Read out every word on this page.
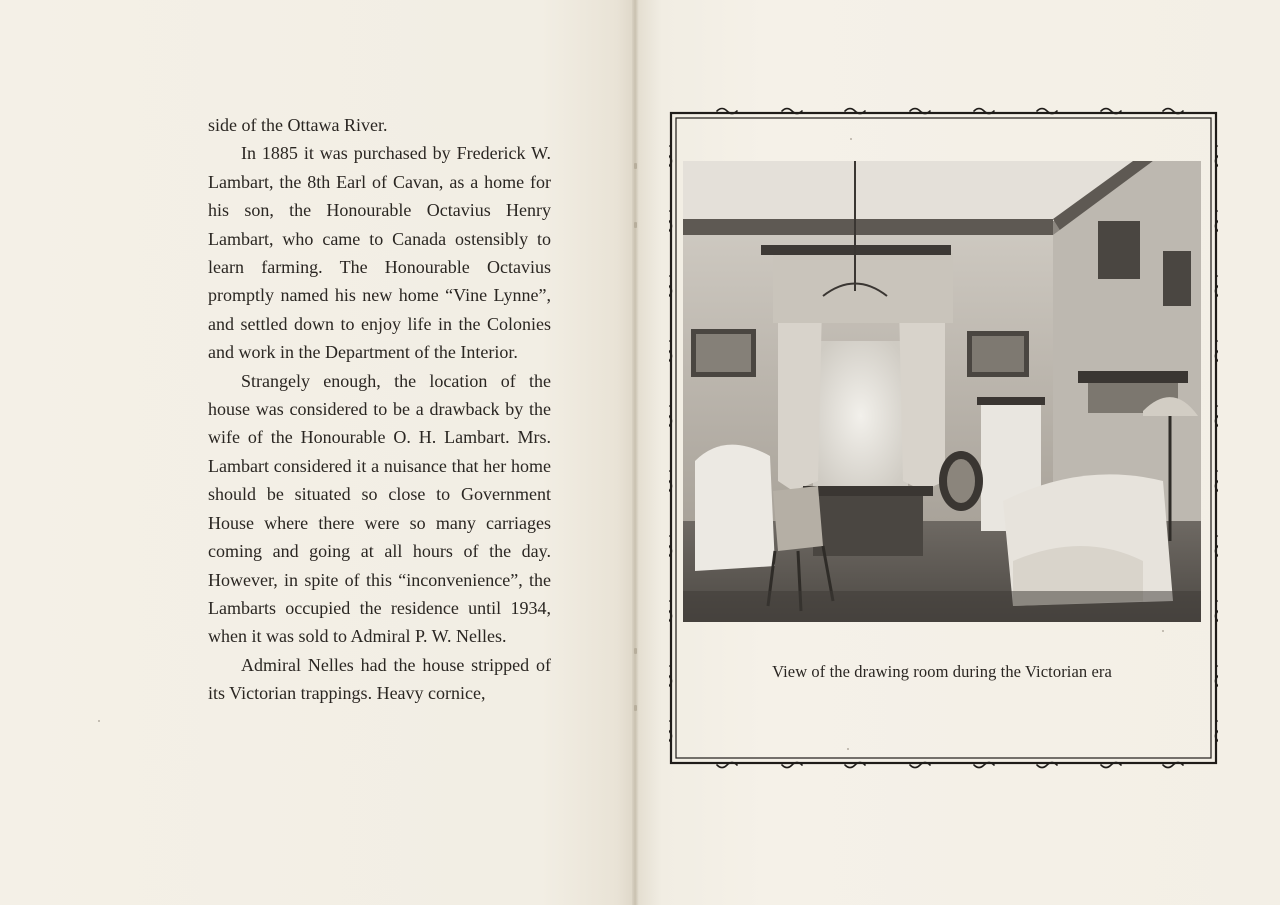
side of the Ottawa River.

In 1885 it was purchased by Frederick W. Lambart, the 8th Earl of Cavan, as a home for his son, the Honourable Octavius Henry Lambart, who came to Canada ostensibly to learn farming. The Honourable Octavius promptly named his new home “Vine Lynne”, and settled down to enjoy life in the Colonies and work in the Department of the Interior.

Strangely enough, the location of the house was considered to be a drawback by the wife of the Honourable O. H. Lambart. Mrs. Lambart considered it a nuisance that her home should be situated so close to Government House where there were so many carriages coming and going at all hours of the day. However, in spite of this “inconvenience”, the Lambarts occupied the residence until 1934, when it was sold to Admiral P. W. Nelles.

Admiral Nelles had the house stripped of its Victorian trappings. Heavy cornice,

View of the drawing room during the Victorian era
